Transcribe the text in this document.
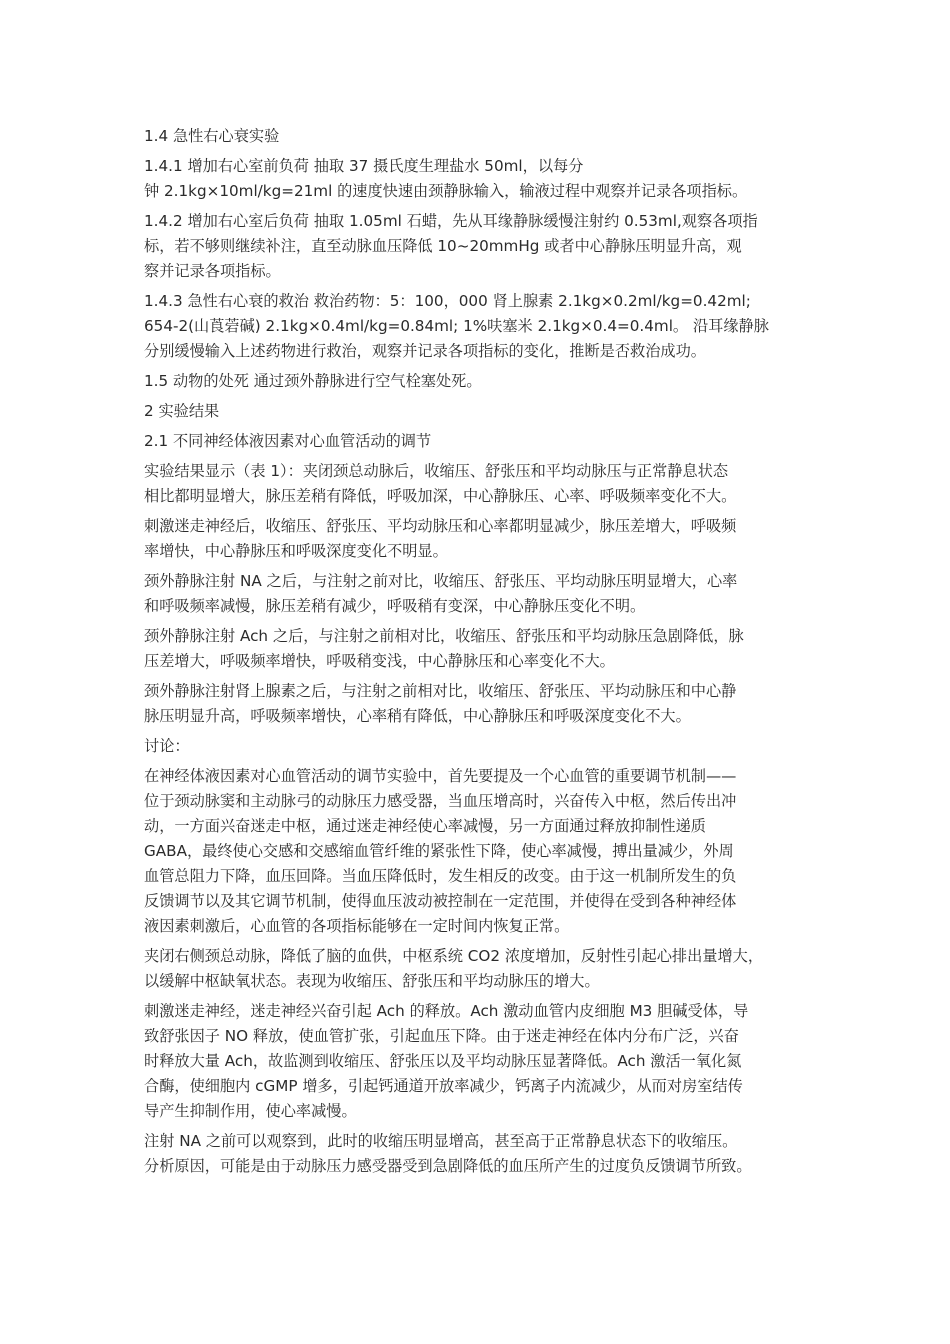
1.4 急性右心衰实验
1.4.1 增加右心室前负荷 抽取 37 摄氏度生理盐水 50ml，以每分
钟 2.1kg×10ml/kg=21ml 的速度快速由颈静脉输入，输液过程中观察并记录各项指标。
1.4.2 增加右心室后负荷 抽取 1.05ml 石蜡，先从耳缘静脉缓慢注射约 0.53ml,观察各项指
标，若不够则继续补注，直至动脉血压降低 10~20mmHg 或者中心静脉压明显升高，观
察并记录各项指标。
1.4.3 急性右心衰的救治 救治药物：5：100，000 肾上腺素 2.1kg×0.2ml/kg=0.42ml;
654-2(山莨菪碱) 2.1kg×0.4ml/kg=0.84ml; 1%呋塞米 2.1kg×0.4=0.4ml。 沿耳缘静脉
分别缓慢输入上述药物进行救治，观察并记录各项指标的变化，推断是否救治成功。
1.5 动物的处死 通过颈外静脉进行空气栓塞处死。
2 实验结果
2.1 不同神经体液因素对心血管活动的调节
实验结果显示（表 1）：夹闭颈总动脉后，收缩压、舒张压和平均动脉压与正常静息状态
相比都明显增大，脉压差稍有降低，呼吸加深，中心静脉压、心率、呼吸频率变化不大。
刺激迷走神经后，收缩压、舒张压、平均动脉压和心率都明显减少，脉压差增大，呼吸频
率增快，中心静脉压和呼吸深度变化不明显。
颈外静脉注射 NA 之后，与注射之前对比，收缩压、舒张压、平均动脉压明显增大，心率
和呼吸频率减慢，脉压差稍有减少，呼吸稍有变深，中心静脉压变化不明。
颈外静脉注射 Ach 之后，与注射之前相对比，收缩压、舒张压和平均动脉压急剧降低，脉
压差增大，呼吸频率增快，呼吸稍变浅，中心静脉压和心率变化不大。
颈外静脉注射肾上腺素之后，与注射之前相对比，收缩压、舒张压、平均动脉压和中心静
脉压明显升高，呼吸频率增快，心率稍有降低，中心静脉压和呼吸深度变化不大。
讨论：
在神经体液因素对心血管活动的调节实验中，首先要提及一个心血管的重要调节机制——
位于颈动脉窦和主动脉弓的动脉压力感受器，当血压增高时，兴奋传入中枢，然后传出冲
动，一方面兴奋迷走中枢，通过迷走神经使心率减慢，另一方面通过释放抑制性递质
GABA，最终使心交感和交感缩血管纤维的紧张性下降，使心率减慢，搏出量减少，外周
血管总阻力下降，血压回降。当血压降低时，发生相反的改变。由于这一机制所发生的负
反馈调节以及其它调节机制，使得血压波动被控制在一定范围，并使得在受到各种神经体
液因素刺激后，心血管的各项指标能够在一定时间内恢复正常。
夹闭右侧颈总动脉，降低了脑的血供，中枢系统 CO2 浓度增加，反射性引起心排出量增大，
以缓解中枢缺氧状态。表现为收缩压、舒张压和平均动脉压的增大。
刺激迷走神经，迷走神经兴奋引起 Ach 的释放。Ach 激动血管内皮细胞 M3 胆碱受体，导
致舒张因子 NO 释放，使血管扩张，引起血压下降。由于迷走神经在体内分布广泛，兴奋
时释放大量 Ach，故监测到收缩压、舒张压以及平均动脉压显著降低。Ach 激活一氧化氮
合酶，使细胞内 cGMP 增多，引起钙通道开放率减少，钙离子内流减少，从而对房室结传
导产生抑制作用，使心率减慢。
注射 NA 之前可以观察到，此时的收缩压明显增高，甚至高于正常静息状态下的收缩压。
分析原因，可能是由于动脉压力感受器受到急剧降低的血压所产生的过度负反馈调节所致。
